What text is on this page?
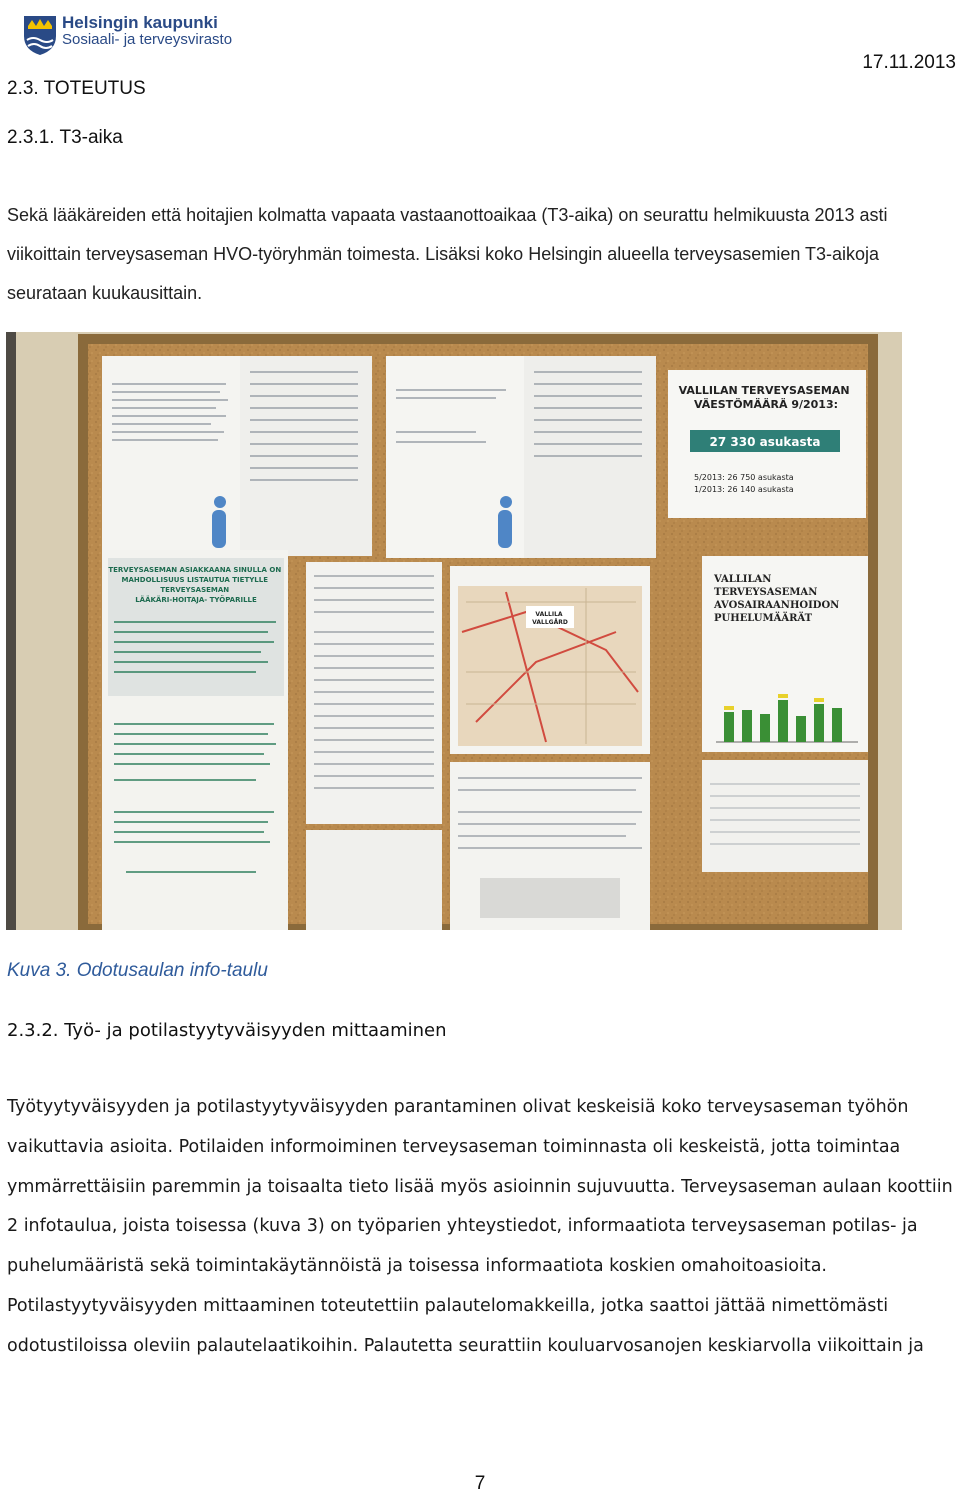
Helsingin kaupunki
Sosiaali- ja terveysvirasto
17.11.2013
2.3. TOTEUTUS
2.3.1. T3-aika

Sekä lääkäreiden että hoitajien kolmatta vapaata vastaanottoaikaa (T3-aika) on seurattu helmikuusta 2013 asti viikoittain terveysaseman HVO-työryhmän toimesta. Lisäksi koko Helsingin alueella terveysasemien T3-aikoja seurataan kuukausittain.

VALLILAN TERVEYSASEMAN VÄESTÖMÄÄRÄ 9/2013:
27 330 asukasta
5/2013: 26 750 asukasta
1/2013: 26 140 asukasta
TERVEYSASEMAN ASIAKKAANA SINULLA ON MAHDOLLISUUS LISTAUTUA TIETYLLE TERVEYSASEMAN LÄÄKÄRI-HOITAJA- TYÖPARILLE
VALLILA VALLGÅRD
VALLILAN TERVEYSASEMAN AVOSAIRAANHOIDON PUHELUMÄÄRÄT
Kuva 3. Odotusaulan info-taulu
2.3.2. Työ- ja potilastyytyväisyyden mittaaminen

Työtyytyväisyyden ja potilastyytyväisyyden parantaminen olivat keskeisiä koko terveysaseman työhön vaikuttavia asioita. Potilaiden informoiminen terveysaseman toiminnasta oli keskeistä, jotta toimintaa ymmärrettäisiin paremmin ja toisaalta tieto lisää myös asioinnin sujuvuutta. Terveysaseman aulaan koottiin 2 infotaulua, joista toisessa (kuva 3) on työparien yhteystiedot, informaatiota terveysaseman potilas- ja puhelumääristä sekä toimintakäytännöistä ja toisessa informaatiota koskien omahoitoasioita. Potilastyytyväisyyden mittaaminen toteutettiin palautelomakkeilla, jotka saattoi jättää nimettömästi odotustiloissa oleviin palautelaatikoihin. Palautetta seurattiin kouluarvosanojen keskiarvolla viikoittain ja

7
